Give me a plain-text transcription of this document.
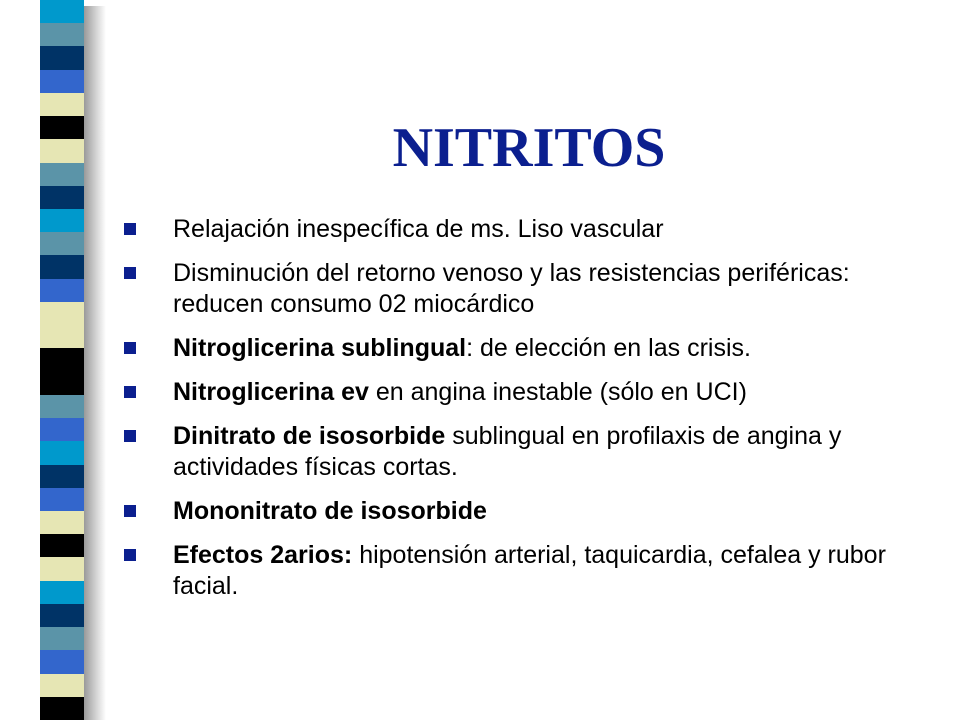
NITRITOS
Relajación inespecífica de ms. Liso vascular
Disminución del retorno venoso y las resistencias periféricas: reducen consumo 02 miocárdico
Nitroglicerina sublingual: de elección en las crisis.
Nitroglicerina ev en angina inestable (sólo en UCI)
Dinitrato de isosorbide sublingual en profilaxis de angina y actividades físicas cortas.
Mononitrato de isosorbide
Efectos 2arios: hipotensión arterial, taquicardia, cefalea y rubor facial.
